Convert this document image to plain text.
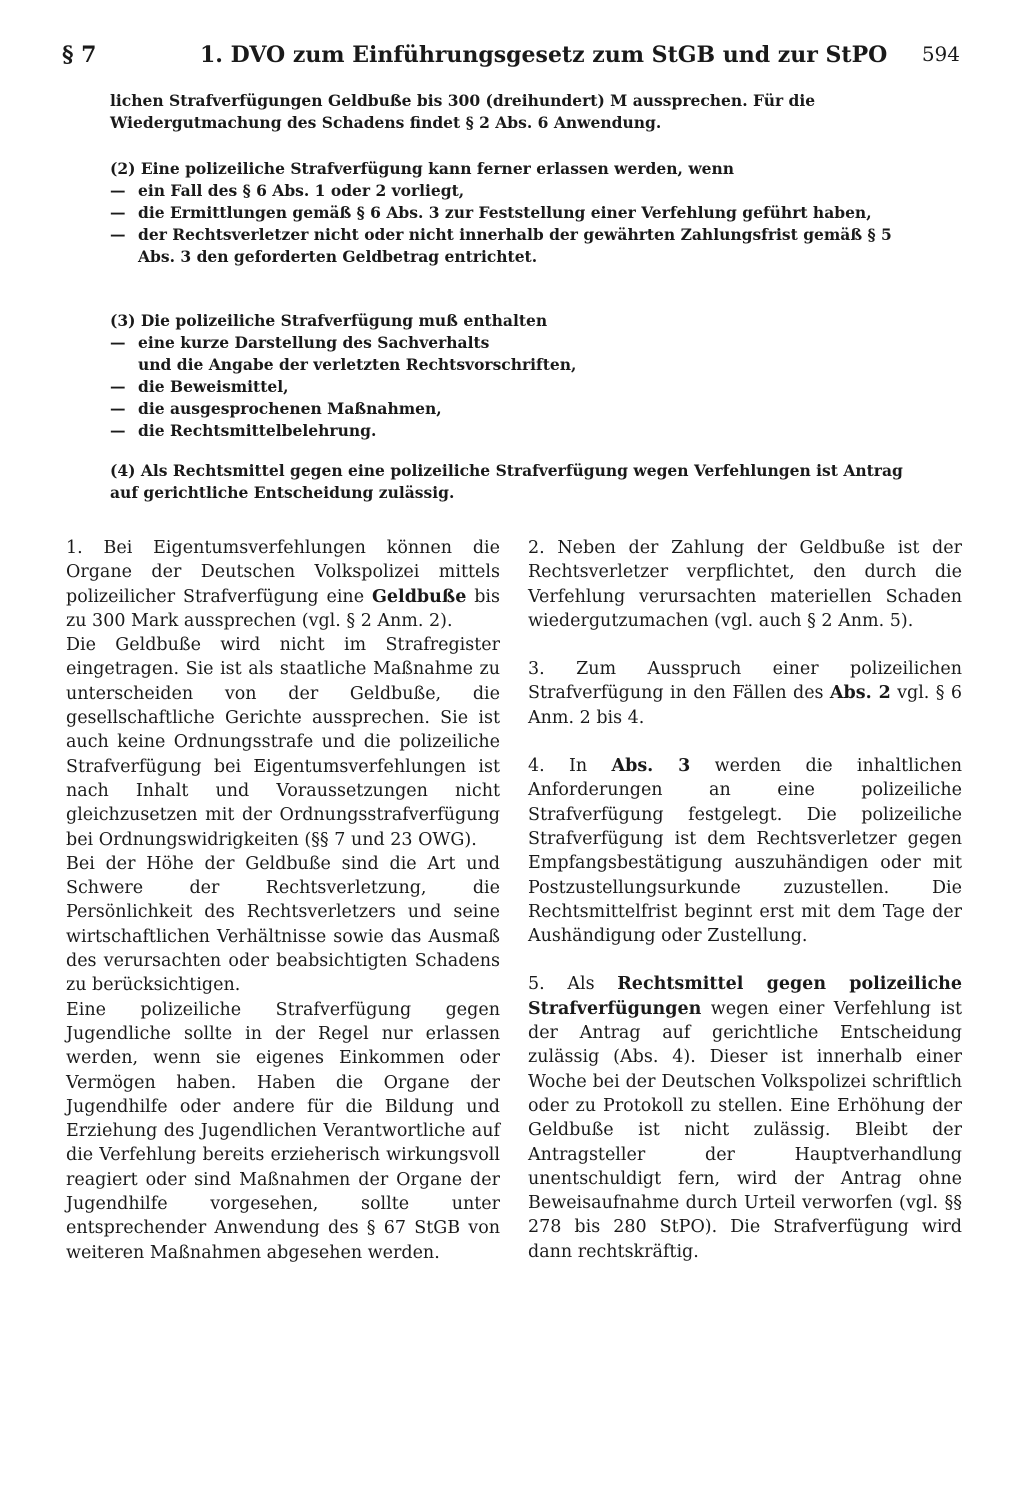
§ 7	1. DVO zum Einführungsgesetz zum StGB und zur StPO 594

lichen Strafverfügungen Geldbuße bis 300 (dreihundert) M aussprechen. Für die Wiedergutmachung des Schadens findet § 2 Abs. 6 Anwendung.

(2) Eine polizeiliche Strafverfügung kann ferner erlassen werden, wenn

— ein Fall des § 6 Abs. 1 oder 2 vorliegt,

— die Ermittlungen gemäß § 6 Abs. 3 zur Feststellung einer Verfehlung geführt haben,

— der Rechtsverletzer nicht oder nicht innerhalb der gewährten Zahlungsfrist gemäß § 5 Abs. 3 den geforderten Geldbetrag entrichtet.

(3) Die polizeiliche Strafverfügung muß enthalten

— eine kurze Darstellung des Sachverhalts

und die Angabe der verletzten Rechtsvorschriften,

— die Beweismittel,

— die ausgesprochenen Maßnahmen,

— die Rechtsmittelbelehrung.

(4) Als Rechtsmittel gegen eine polizeiliche Strafverfügung wegen Verfehlungen ist Antrag auf gerichtliche Entscheidung zulässig.

1. Bei Eigentumsverfehlungen können die Organe der Deutschen Volkspolizei mittels polizeilicher Strafverfügung eine Geldbuße bis zu 300 Mark aussprechen (vgl. § 2 Anm. 2).

Die Geldbuße wird nicht im Strafregister eingetragen. Sie ist als staatliche Maßnahme zu unterscheiden von der Geldbuße, die gesellschaftliche Gerichte aussprechen. Sie ist auch keine Ordnungsstrafe und die polizeiliche Strafverfügung bei Eigentumsverfehlungen ist nach Inhalt und Voraussetzungen nicht gleichzusetzen mit der Ordnungsstrafverfügung bei Ordnungswidrigkeiten (§§ 7 und 23 OWG).

Bei der Höhe der Geldbuße sind die Art und Schwere der Rechtsverletzung, die Persönlichkeit des Rechtsverletzers und seine wirtschaftlichen Verhältnisse sowie das Ausmaß des verursachten oder beabsichtigten Schadens zu berücksichtigen.

Eine polizeiliche Strafverfügung gegen Jugendliche sollte in der Regel nur erlassen werden, wenn sie eigenes Einkommen oder Vermögen haben. Haben die Organe der Jugendhilfe oder andere für die Bildung und Erziehung des Jugendlichen Verantwortliche auf die Verfehlung bereits erzieherisch wirkungsvoll reagiert oder sind Maßnahmen der Organe der Jugendhilfe vorgesehen, sollte unter entsprechender Anwendung des § 67 StGB von weiteren Maßnahmen abgesehen werden.

2. Neben der Zahlung der Geldbuße ist der Rechtsverletzer verpflichtet, den durch die Verfehlung verursachten materiellen Schaden wiedergutzumachen (vgl. auch § 2 Anm. 5).

3. Zum Ausspruch einer polizeilichen Strafverfügung in den Fällen des Abs. 2 vgl. § 6 Anm. 2 bis 4.

4. In Abs. 3 werden die inhaltlichen Anforderungen an eine polizeiliche Strafverfügung festgelegt. Die polizeiliche Strafverfügung ist dem Rechtsverletzer gegen Empfangsbestätigung auszuhändigen oder mit Postzustellungsurkunde zuzustellen. Die Rechtsmittelfrist beginnt erst mit dem Tage der Aushändigung oder Zustellung.

5. Als Rechtsmittel gegen polizeiliche Strafverfügungen wegen einer Verfehlung ist der Antrag auf gerichtliche Entscheidung zulässig (Abs. 4). Dieser ist innerhalb einer Woche bei der Deutschen Volkspolizei schriftlich oder zu Protokoll zu stellen. Eine Erhöhung der Geldbuße ist nicht zulässig. Bleibt der Antragsteller der Hauptverhandlung unentschuldigt fern, wird der Antrag ohne Beweisaufnahme durch Urteil verworfen (vgl. §§ 278 bis 280 StPO). Die Strafverfügung wird dann rechtskräftig.
